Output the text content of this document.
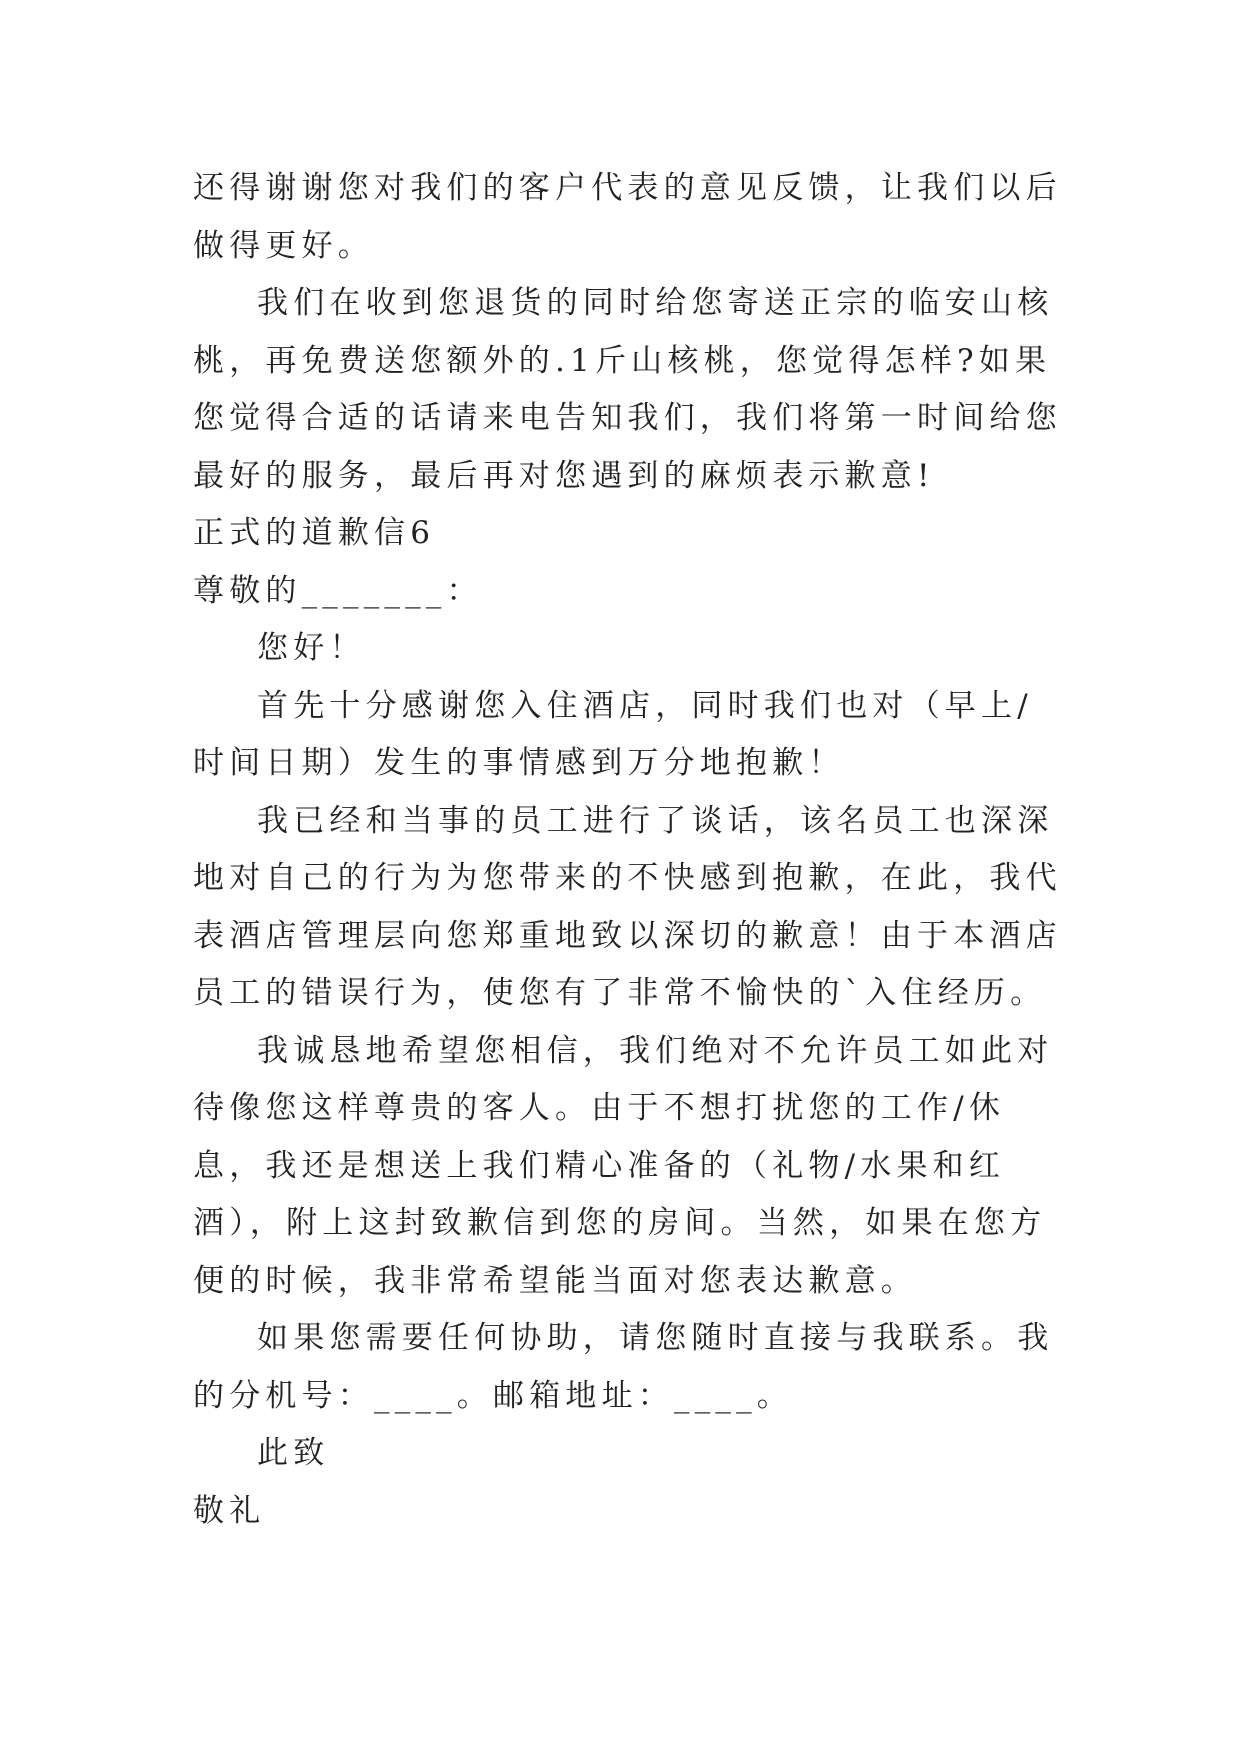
还得谢谢您对我们的客户代表的意见反馈，让我们以后做得更好。

我们在收到您退货的同时给您寄送正宗的临安山核桃，再免费送您额外的.1斤山核桃，您觉得怎样?如果您觉得合适的话请来电告知我们，我们将第一时间给您最好的服务，最后再对您遇到的麻烦表示歉意!

正式的道歉信6

尊敬的_______：

您好！

首先十分感谢您入住酒店，同时我们也对（早上/时间日期）发生的事情感到万分地抱歉！

我已经和当事的员工进行了谈话，该名员工也深深地对自己的行为为您带来的不快感到抱歉，在此，我代表酒店管理层向您郑重地致以深切的歉意！由于本酒店员工的错误行为，使您有了非常不愉快的`入住经历。

我诚恳地希望您相信，我们绝对不允许员工如此对待像您这样尊贵的客人。由于不想打扰您的工作/休息，我还是想送上我们精心准备的（礼物/水果和红酒），附上这封致歉信到您的房间。当然，如果在您方便的时候，我非常希望能当面对您表达歉意。

如果您需要任何协助，请您随时直接与我联系。我的分机号：____。邮箱地址：____。

此致

敬礼
